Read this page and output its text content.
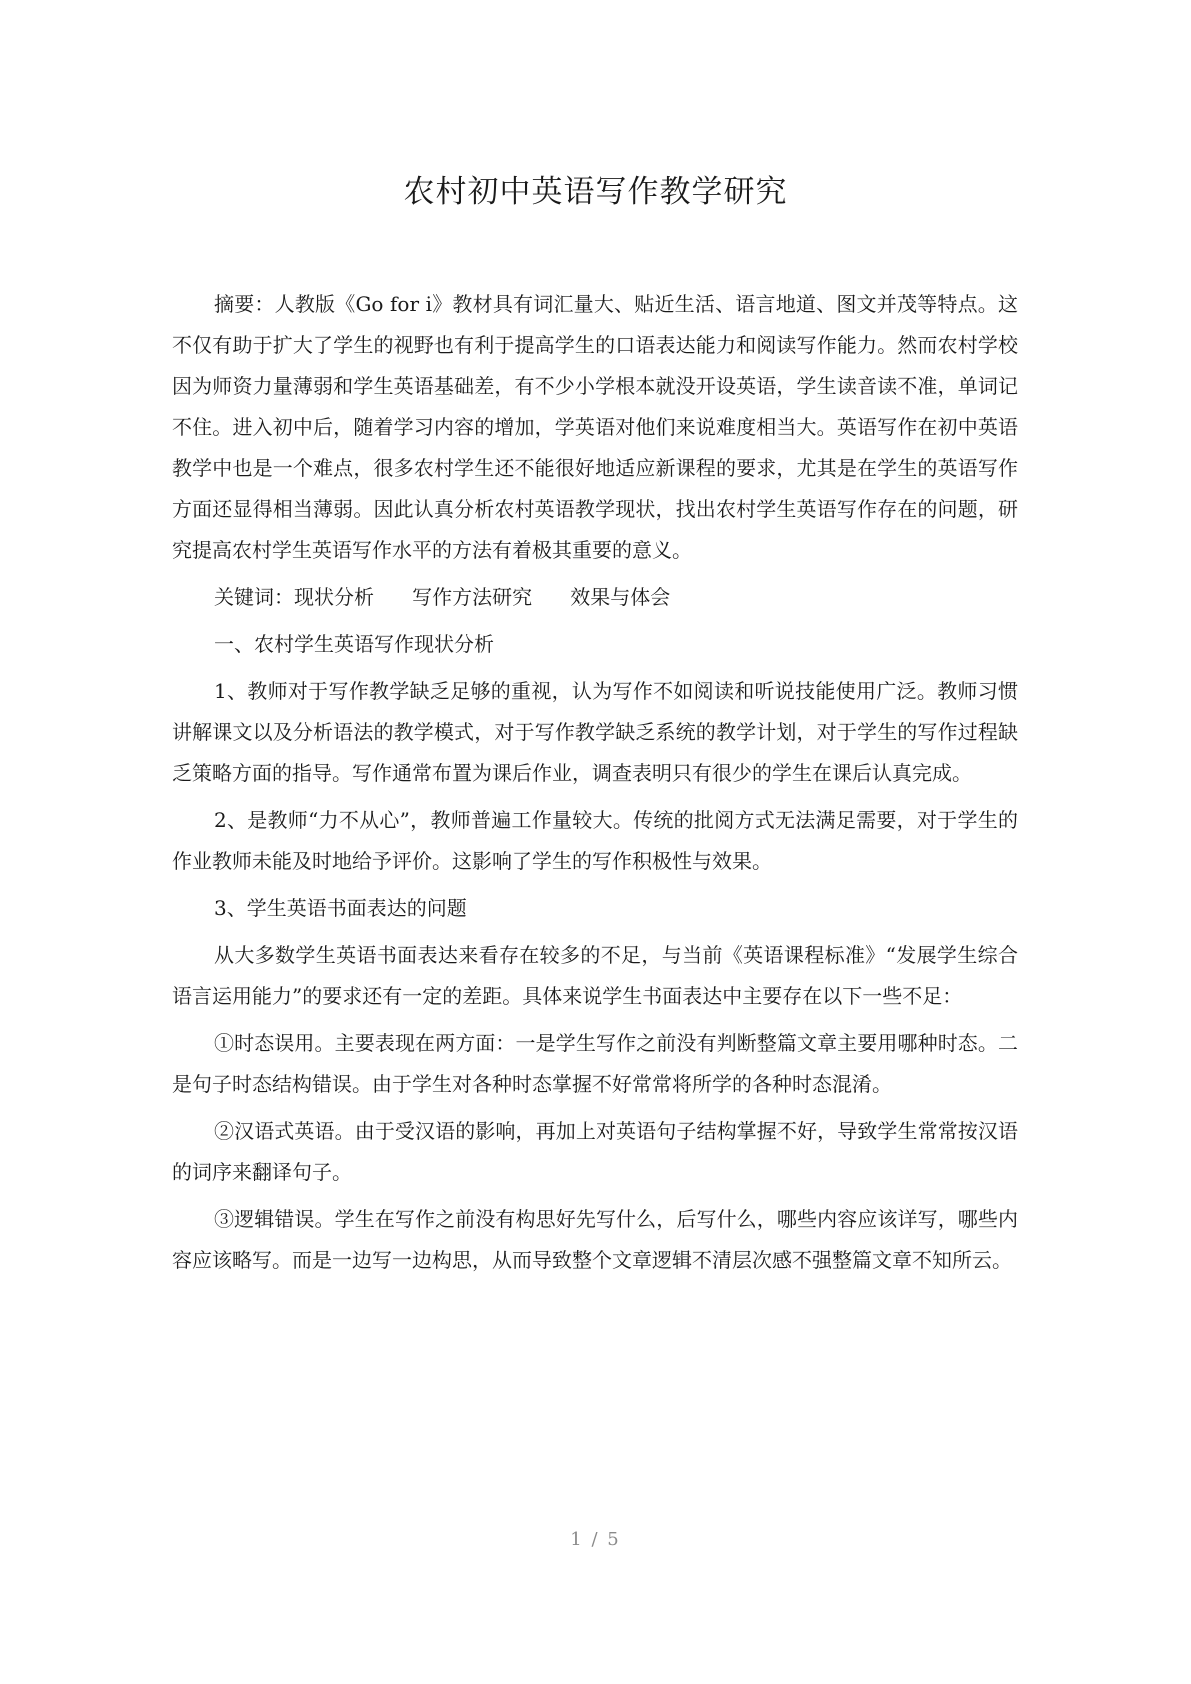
农村初中英语写作教学研究

摘要：人教版《Go for i》教材具有词汇量大、贴近生活、语言地道、图文并茂等特点。这不仅有助于扩大了学生的视野也有利于提高学生的口语表达能力和阅读写作能力。然而农村学校因为师资力量薄弱和学生英语基础差，有不少小学根本就没开设英语，学生读音读不准，单词记不住。进入初中后，随着学习内容的增加，学英语对他们来说难度相当大。英语写作在初中英语教学中也是一个难点，很多农村学生还不能很好地适应新课程的要求，尤其是在学生的英语写作方面还显得相当薄弱。因此认真分析农村英语教学现状，找出农村学生英语写作存在的问题，研究提高农村学生英语写作水平的方法有着极其重要的意义。

关键词：现状分析      写作方法研究      效果与体会

一、农村学生英语写作现状分析

1、教师对于写作教学缺乏足够的重视，认为写作不如阅读和听说技能使用广泛。教师习惯讲解课文以及分析语法的教学模式，对于写作教学缺乏系统的教学计划，对于学生的写作过程缺乏策略方面的指导。写作通常布置为课后作业，调查表明只有很少的学生在课后认真完成。

2、是教师“力不从心”，教师普遍工作量较大。传统的批阅方式无法满足需要，对于学生的作业教师未能及时地给予评价。这影响了学生的写作积极性与效果。

3、学生英语书面表达的问题

从大多数学生英语书面表达来看存在较多的不足，与当前《英语课程标准》“发展学生综合语言运用能力”的要求还有一定的差距。具体来说学生书面表达中主要存在以下一些不足：

①时态误用。主要表现在两方面：一是学生写作之前没有判断整篇文章主要用哪种时态。二是句子时态结构错误。由于学生对各种时态掌握不好常常将所学的各种时态混淆。

②汉语式英语。由于受汉语的影响，再加上对英语句子结构掌握不好，导致学生常常按汉语的词序来翻译句子。

③逻辑错误。学生在写作之前没有构思好先写什么，后写什么，哪些内容应该详写，哪些内容应该略写。而是一边写一边构思，从而导致整个文章逻辑不清层次感不强整篇文章不知所云。

1 / 5
